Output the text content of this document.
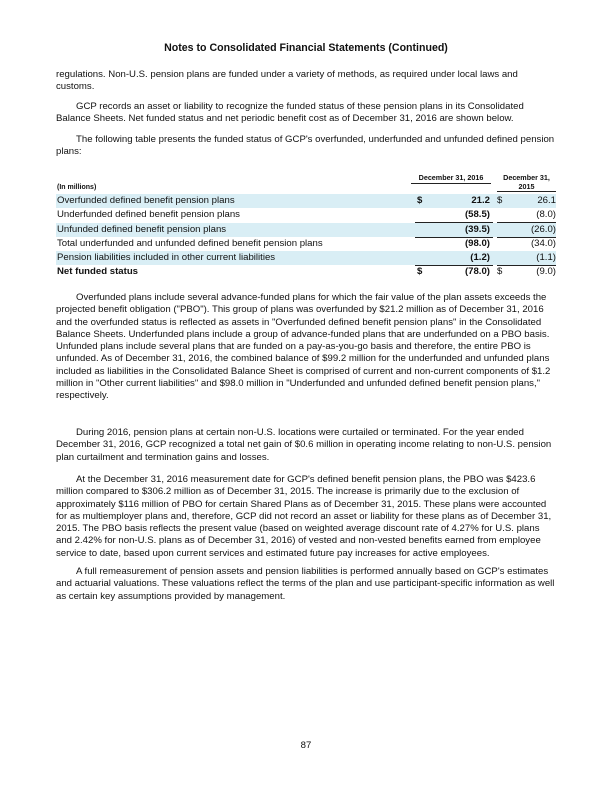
Notes to Consolidated Financial Statements (Continued)

regulations. Non-U.S. pension plans are funded under a variety of methods, as required under local laws and customs.

GCP records an asset or liability to recognize the funded status of these pension plans in its Consolidated Balance Sheets. Net funded status and net periodic benefit cost as of December 31, 2016 are shown below.

The following table presents the funded status of GCP's overfunded, underfunded and unfunded defined pension plans:

(In millions)
December 31, 2016	December 31, 2015
Overfunded defined benefit pension plans	$	21.2 $	26.1
Underfunded defined benefit pension plans	(58.5)	(8.0)
Unfunded defined benefit pension plans	(39.5)	(26.0)
Total underfunded and unfunded defined benefit pension plans	(98.0)	(34.0)
Pension liabilities included in other current liabilities	(1.2)	(1.1)
Net funded status	$	(78.0) $	(9.0)

Overfunded plans include several advance-funded plans for which the fair value of the plan assets exceeds the projected benefit obligation ("PBO"). This group of plans was overfunded by $21.2 million as of December 31, 2016 and the overfunded status is reflected as assets in "Overfunded defined benefit pension plans" in the Consolidated Balance Sheets. Underfunded plans include a group of advance-funded plans that are underfunded on a PBO basis. Unfunded plans include several plans that are funded on a pay-as-you-go basis and therefore, the entire PBO is unfunded. As of December 31, 2016, the combined balance of $99.2 million for the underfunded and unfunded plans included as liabilities in the Consolidated Balance Sheet is comprised of current and non-current components of $1.2 million in "Other current liabilities" and $98.0 million in "Underfunded and unfunded defined benefit pension plans," respectively.

During 2016, pension plans at certain non-U.S. locations were curtailed or terminated. For the year ended December 31, 2016, GCP recognized a total net gain of $0.6 million in operating income relating to non-U.S. pension plan curtailment and termination gains and losses.

At the December 31, 2016 measurement date for GCP's defined benefit pension plans, the PBO was $423.6 million compared to $306.2 million as of December 31, 2015. The increase is primarily due to the exclusion of approximately $116 million of PBO for certain Shared Plans as of December 31, 2015. These plans were accounted for as multiemployer plans and, therefore, GCP did not record an asset or liability for these plans as of December 31, 2015. The PBO basis reflects the present value (based on weighted average discount rate of 4.27% for U.S. plans and 2.42% for non-U.S. plans as of December 31, 2016) of vested and non-vested benefits earned from employee service to date, based upon current services and estimated future pay increases for active employees.

A full remeasurement of pension assets and pension liabilities is performed annually based on GCP's estimates and actuarial valuations. These valuations reflect the terms of the plan and use participant-specific information as well as certain key assumptions provided by management.

87
